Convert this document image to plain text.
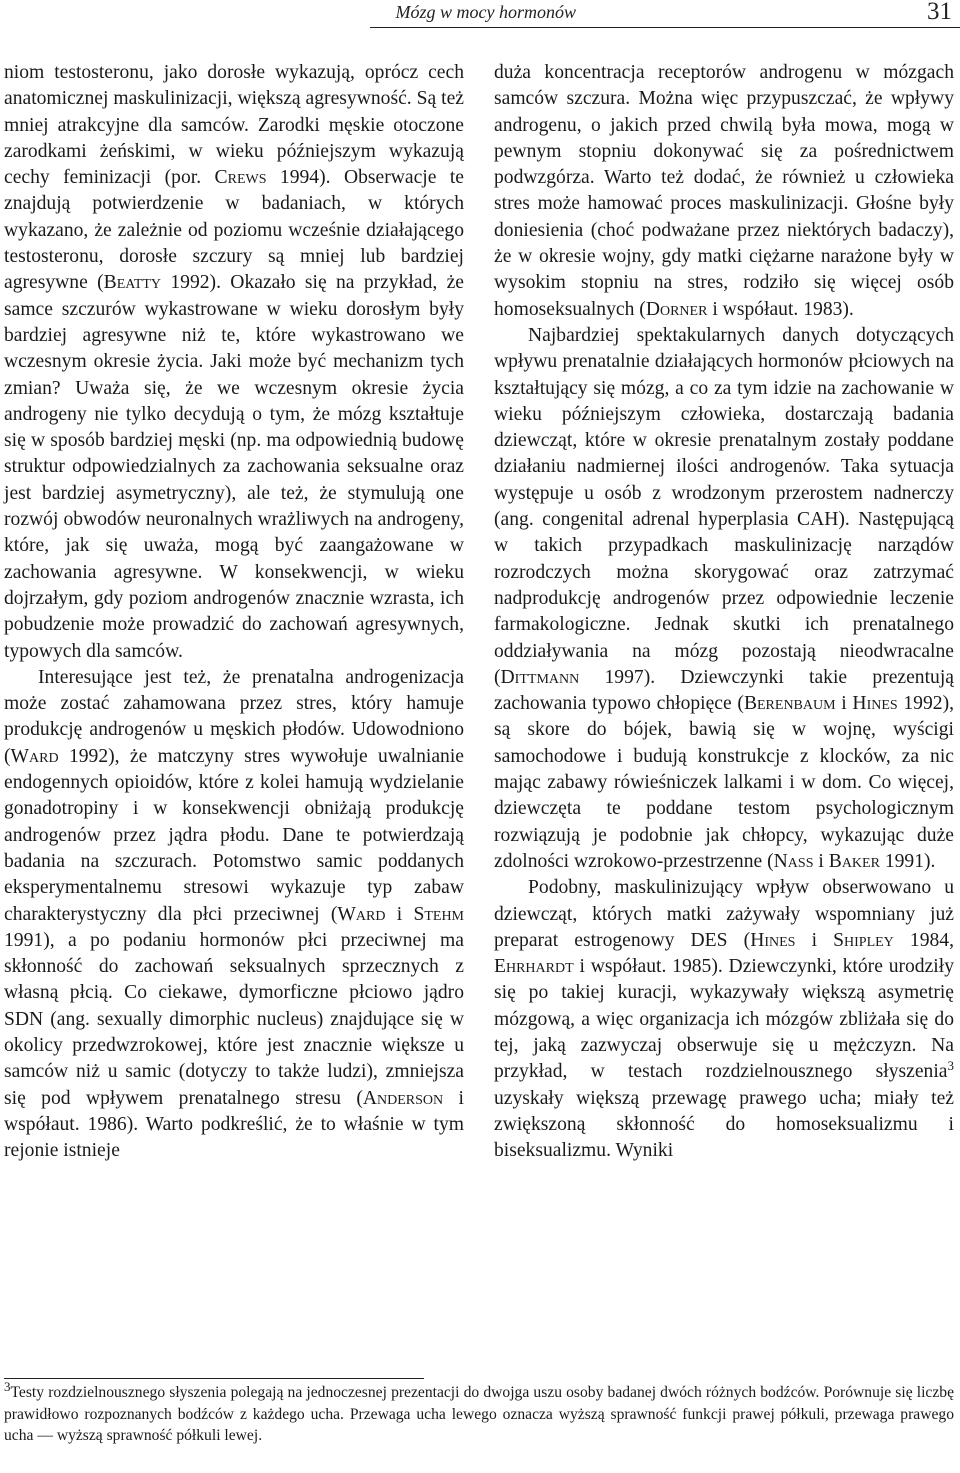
Mózg w mocy hormonów	31

niom testosteronu, jako dorosłe wykazują, oprócz cech anatomicznej maskulinizacji, większą agresywność. Są też mniej atrakcyjne dla samców. Zarodki męskie otoczone zarodkami żeńskimi, w wieku późniejszym wykazują cechy feminizacji (por. Crews 1994). Obserwacje te znajdują potwierdzenie w badaniach, w których wykazano, że zależnie od poziomu wcześnie działającego testosteronu, dorosłe szczury są mniej lub bardziej agresywne (Beatty 1992). Okazało się na przykład, że samce szczurów wykastrowane w wieku dorosłym były bardziej agresywne niż te, które wykastrowano we wczesnym okresie życia. Jaki może być mechanizm tych zmian? Uważa się, że we wczesnym okresie życia androgeny nie tylko decydują o tym, że mózg kształtuje się w sposób bardziej męski (np. ma odpowiednią budowę struktur odpowiedzialnych za zachowania seksualne oraz jest bardziej asymetryczny), ale też, że stymulują one rozwój obwodów neuronalnych wrażliwych na androgeny, które, jak się uważa, mogą być zaangażowane w zachowania agresywne. W konsekwencji, w wieku dojrzałym, gdy poziom androgenów znacznie wzrasta, ich pobudzenie może prowadzić do zachowań agresywnych, typowych dla samców.

Interesujące jest też, że prenatalna androgenizacja może zostać zahamowana przez stres, który hamuje produkcję androgenów u męskich płodów. Udowodniono (Ward 1992), że matczyny stres wywołuje uwalnianie endogennych opioidów, które z kolei hamują wydzielanie gonadotropiny i w konsekwencji obniżają produkcję androgenów przez jądra płodu. Dane te potwierdzają badania na szczurach. Potomstwo samic poddanych eksperymentalnemu stresowi wykazuje typ zabaw charakterystyczny dla płci przeciwnej (Ward i Stehm 1991), a po podaniu hormonów płci przeciwnej ma skłonność do zachowań seksualnych sprzecznych z własną płcią. Co ciekawe, dymorficzne płciowo jądro SDN (ang. sexually dimorphic nucleus) znajdujące się w okolicy przedwzrokowej, które jest znacznie większe u samców niż u samic (dotyczy to także ludzi), zmniejsza się pod wpływem prenatalnego stresu (Anderson i współaut. 1986). Warto podkreślić, że to właśnie w tym rejonie istnieje

duża koncentracja receptorów androgenu w mózgach samców szczura. Można więc przypuszczać, że wpływy androgenu, o jakich przed chwilą była mowa, mogą w pewnym stopniu dokonywać się za pośrednictwem podwzgórza. Warto też dodać, że również u człowieka stres może hamować proces maskulinizacji. Głośne były doniesienia (choć podważane przez niektórych badaczy), że w okresie wojny, gdy matki ciężarne narażone były w wysokim stopniu na stres, rodziło się więcej osób homoseksualnych (Dorner i współaut. 1983).

Najbardziej spektakularnych danych dotyczących wpływu prenatalnie działających hormonów płciowych na kształtujący się mózg, a co za tym idzie na zachowanie w wieku późniejszym człowieka, dostarczają badania dziewcząt, które w okresie prenatalnym zostały poddane działaniu nadmiernej ilości androgenów. Taka sytuacja występuje u osób z wrodzonym przerostem nadnerczy (ang. congenital adrenal hyperplasia CAH). Następującą w takich przypadkach maskulinizację narządów rozrodczych można skorygować oraz zatrzymać nadprodukcję androgenów przez odpowiednie leczenie farmakologiczne. Jednak skutki ich prenatalnego oddziaływania na mózg pozostają nieodwracalne (Dittmann 1997). Dziewczynki takie prezentują zachowania typowo chłopięce (Berenbaum i Hines 1992), są skore do bójek, bawią się w wojnę, wyścigi samochodowe i budują konstrukcje z klocków, za nic mając zabawy rówieśniczek lalkami i w dom. Co więcej, dziewczęta te poddane testom psychologicznym rozwiązują je podobnie jak chłopcy, wykazując duże zdolności wzrokowo-przestrzenne (Nass i Baker 1991).

Podobny, maskulinizujący wpływ obserwowano u dziewcząt, których matki zażywały wspomniany już preparat estrogenowy DES (Hines i Shipley 1984, Ehrhardt i współaut. 1985). Dziewczynki, które urodziły się po takiej kuracji, wykazywały większą asymetrię mózgową, a więc organizacja ich mózgów zbliżała się do tej, jaką zazwyczaj obserwuje się u mężczyzn. Na przykład, w testach rozdzielnousznego słyszenia$^3$ uzyskały większą przewagę prawego ucha; miały też zwiększoną skłonność do homoseksualizmu i biseksualizmu. Wyniki

$^3$Testy rozdzielnousznego słyszenia polegają na jednoczesnej prezentacji do dwojga uszu osoby badanej dwóch różnych bodźców. Porównuje się liczbę prawidłowo rozpoznanych bodźców z każdego ucha. Przewaga ucha lewego oznacza wyższą sprawność funkcji prawej półkuli, przewaga prawego ucha — wyższą sprawność półkuli lewej.
